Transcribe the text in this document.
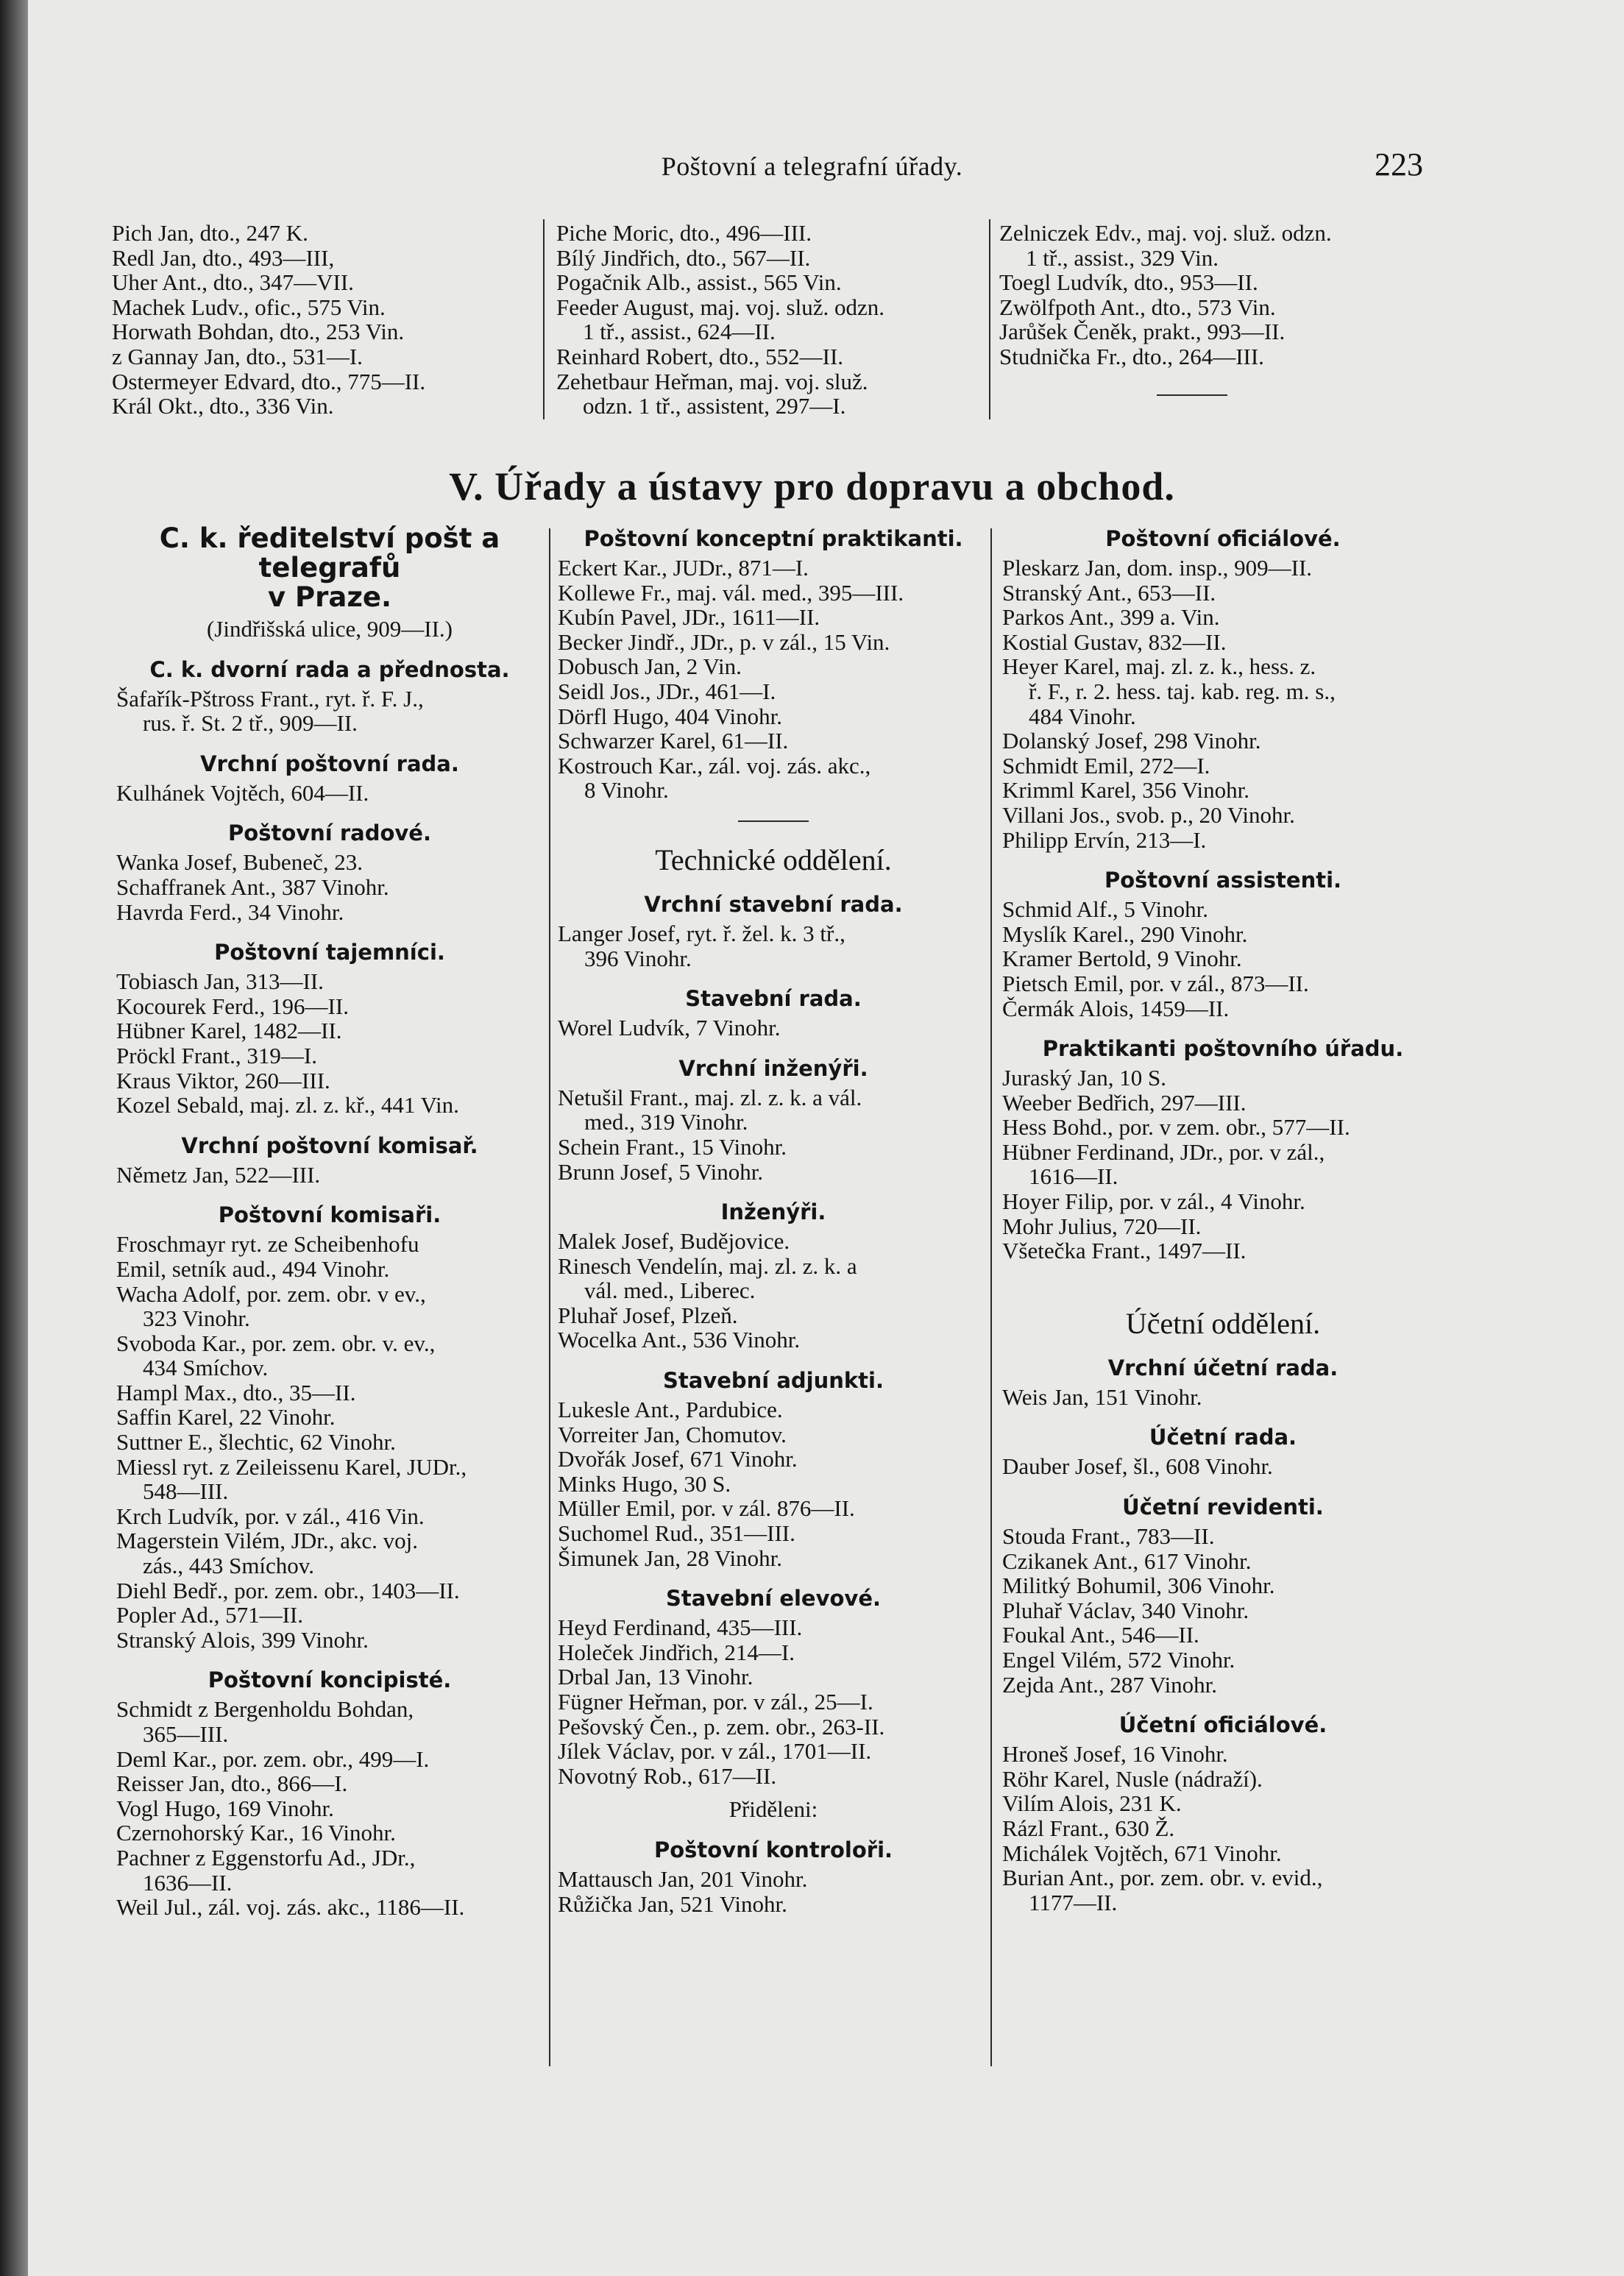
Poštovní a telegrafní úřady.	223
Pich Jan, dto., 247 K.
Redl Jan, dto., 493—III,
Uher Ant., dto., 347—VII.
Machek Ludv., ofic., 575 Vin.
Horwath Bohdan, dto., 253 Vin.
z Gannay Jan, dto., 531—I.
Ostermeyer Edvard, dto., 775—II.
Král Okt., dto., 336 Vin.
Piche Moric, dto., 496—III.
Bílý Jindřich, dto., 567—II.
Pogačnik Alb., assist., 565 Vin.
Feeder August, maj. voj. služ. odzn.
1 tř., assist., 624—II.
Reinhard Robert, dto., 552—II.
Zehetbaur Heřman, maj. voj. služ.
odzn. 1 tř., assistent, 297—I.
Zelniczek Edv., maj. voj. služ. odzn.
1 tř., assist., 329 Vin.
Toegl Ludvík, dto., 953—II.
Zwölfpoth Ant., dto., 573 Vin.
Jarůšek Čeněk, prakt., 993—II.
Studnička Fr., dto., 264—III.
V. Úřady a ústavy pro dopravu a obchod.
C. k. ředitelství pošt a telegrafů
v Praze.
(Jindřišská ulice, 909—II.)
C. k. dvorní rada a přednosta.
Šafařík-Pštross Frant., ryt. ř. F. J.,
rus. ř. St. 2 tř., 909—II.
Vrchní poštovní rada.
Kulhánek Vojtěch, 604—II.
Poštovní radové.
Wanka Josef, Bubeneč, 23.
Schaffranek Ant., 387 Vinohr.
Havrda Ferd., 34 Vinohr.
Poštovní tajemníci.
Tobiasch Jan, 313—II.
Kocourek Ferd., 196—II.
Hübner Karel, 1482—II.
Pröckl Frant., 319—I.
Kraus Viktor, 260—III.
Kozel Sebald, maj. zl. z. kř., 441 Vin.
Vrchní poštovní komisař.
Němetz Jan, 522—III.
Poštovní komisaři.
Froschmayr ryt. ze Scheibenhofu
Emil, setník aud., 494 Vinohr.
Wacha Adolf, por. zem. obr. v ev.,
323 Vinohr.
Svoboda Kar., por. zem. obr. v. ev.,
434 Smíchov.
Hampl Max., dto., 35—II.
Saffin Karel, 22 Vinohr.
Suttner E., šlechtic, 62 Vinohr.
Miessl ryt. z Zeileissenu Karel, JUDr.,
548—III.
Krch Ludvík, por. v zál., 416 Vin.
Magerstein Vilém, JDr., akc. voj.
zás., 443 Smíchov.
Diehl Bedř., por. zem. obr., 1403—II.
Popler Ad., 571—II.
Stranský Alois, 399 Vinohr.
Poštovní koncipisté.
Schmidt z Bergenholdu Bohdan,
365—III.
Deml Kar., por. zem. obr., 499—I.
Reisser Jan, dto., 866—I.
Vogl Hugo, 169 Vinohr.
Czernohorský Kar., 16 Vinohr.
Pachner z Eggenstorfu Ad., JDr.,
1636—II.
Weil Jul., zál. voj. zás. akc., 1186—II.
Poštovní konceptní praktikanti.
Eckert Kar., JUDr., 871—I.
Kollewe Fr., maj. vál. med., 395—III.
Kubín Pavel, JDr., 1611—II.
Becker Jindř., JDr., p. v zál., 15 Vin.
Dobusch Jan, 2 Vin.
Seidl Jos., JDr., 461—I.
Dörfl Hugo, 404 Vinohr.
Schwarzer Karel, 61—II.
Kostrouch Kar., zál. voj. zás. akc.,
8 Vinohr.
Technické oddělení.
Vrchní stavební rada.
Langer Josef, ryt. ř. žel. k. 3 tř.,
396 Vinohr.
Stavební rada.
Worel Ludvík, 7 Vinohr.
Vrchní inženýři.
Netušil Frant., maj. zl. z. k. a vál.
med., 319 Vinohr.
Schein Frant., 15 Vinohr.
Brunn Josef, 5 Vinohr.
Inženýři.
Malek Josef, Budějovice.
Rinesch Vendelín, maj. zl. z. k. a
vál. med., Liberec.
Pluhař Josef, Plzeň.
Wocelka Ant., 536 Vinohr.
Stavební adjunkti.
Lukesle Ant., Pardubice.
Vorreiter Jan, Chomutov.
Dvořák Josef, 671 Vinohr.
Minks Hugo, 30 S.
Müller Emil, por. v zál. 876—II.
Suchomel Rud., 351—III.
Šimunek Jan, 28 Vinohr.
Stavební elevové.
Heyd Ferdinand, 435—III.
Holeček Jindřich, 214—I.
Drbal Jan, 13 Vinohr.
Fügner Heřman, por. v zál., 25—I.
Pešovský Čen., p. zem. obr., 263-II.
Jílek Václav, por. v zál., 1701—II.
Novotný Rob., 617—II.
Přiděleni:
Poštovní kontroloři.
Mattausch Jan, 201 Vinohr.
Růžička Jan, 521 Vinohr.
Poštovní oficiálové.
Pleskarz Jan, dom. insp., 909—II.
Stranský Ant., 653—II.
Parkos Ant., 399 a. Vin.
Kostial Gustav, 832—II.
Heyer Karel, maj. zl. z. k., hess. z.
ř. F., r. 2. hess. taj. kab. reg. m. s.,
484 Vinohr.
Dolanský Josef, 298 Vinohr.
Schmidt Emil, 272—I.
Krimml Karel, 356 Vinohr.
Villani Jos., svob. p., 20 Vinohr.
Philipp Ervín, 213—I.
Poštovní assistenti.
Schmid Alf., 5 Vinohr.
Myslík Karel., 290 Vinohr.
Kramer Bertold, 9 Vinohr.
Pietsch Emil, por. v zál., 873—II.
Čermák Alois, 1459—II.
Praktikanti poštovního úřadu.
Juraský Jan, 10 S.
Weeber Bedřich, 297—III.
Hess Bohd., por. v zem. obr., 577—II.
Hübner Ferdinand, JDr., por. v zál.,
1616—II.
Hoyer Filip, por. v zál., 4 Vinohr.
Mohr Julius, 720—II.
Všetečka Frant., 1497—II.
Účetní oddělení.
Vrchní účetní rada.
Weis Jan, 151 Vinohr.
Účetní rada.
Dauber Josef, šl., 608 Vinohr.
Účetní revidenti.
Stouda Frant., 783—II.
Czikanek Ant., 617 Vinohr.
Militký Bohumil, 306 Vinohr.
Pluhař Václav, 340 Vinohr.
Foukal Ant., 546—II.
Engel Vilém, 572 Vinohr.
Zejda Ant., 287 Vinohr.
Účetní oficiálové.
Hroneš Josef, 16 Vinohr.
Röhr Karel, Nusle (nádraží).
Vilím Alois, 231 K.
Rázl Frant., 630 Ž.
Michálek Vojtěch, 671 Vinohr.
Burian Ant., por. zem. obr. v. evid.,
1177—II.
